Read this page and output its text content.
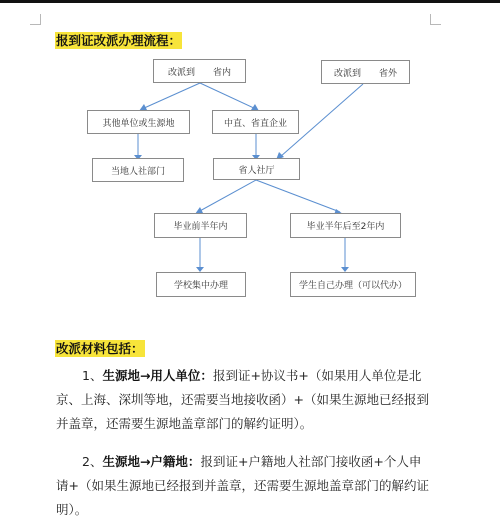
报到证改派办理流程：
改派到　　省内	改派到　　省外
其他单位或生源地	中直、省直企业
当地人社部门	省人社厅
毕业前半年内	毕业半年后至2年内
学校集中办理	学生自己办理（可以代办）
改派材料包括：
1、生源地→用人单位：报到证+协议书+（如果用人单位是北
京、上海、深圳等地，还需要当地接收函）+（如果生源地已经报到
并盖章，还需要生源地盖章部门的解约证明）。
2、生源地→户籍地：报到证+户籍地人社部门接收函+个人申
请+（如果生源地已经报到并盖章，还需要生源地盖章部门的解约证
明）。
